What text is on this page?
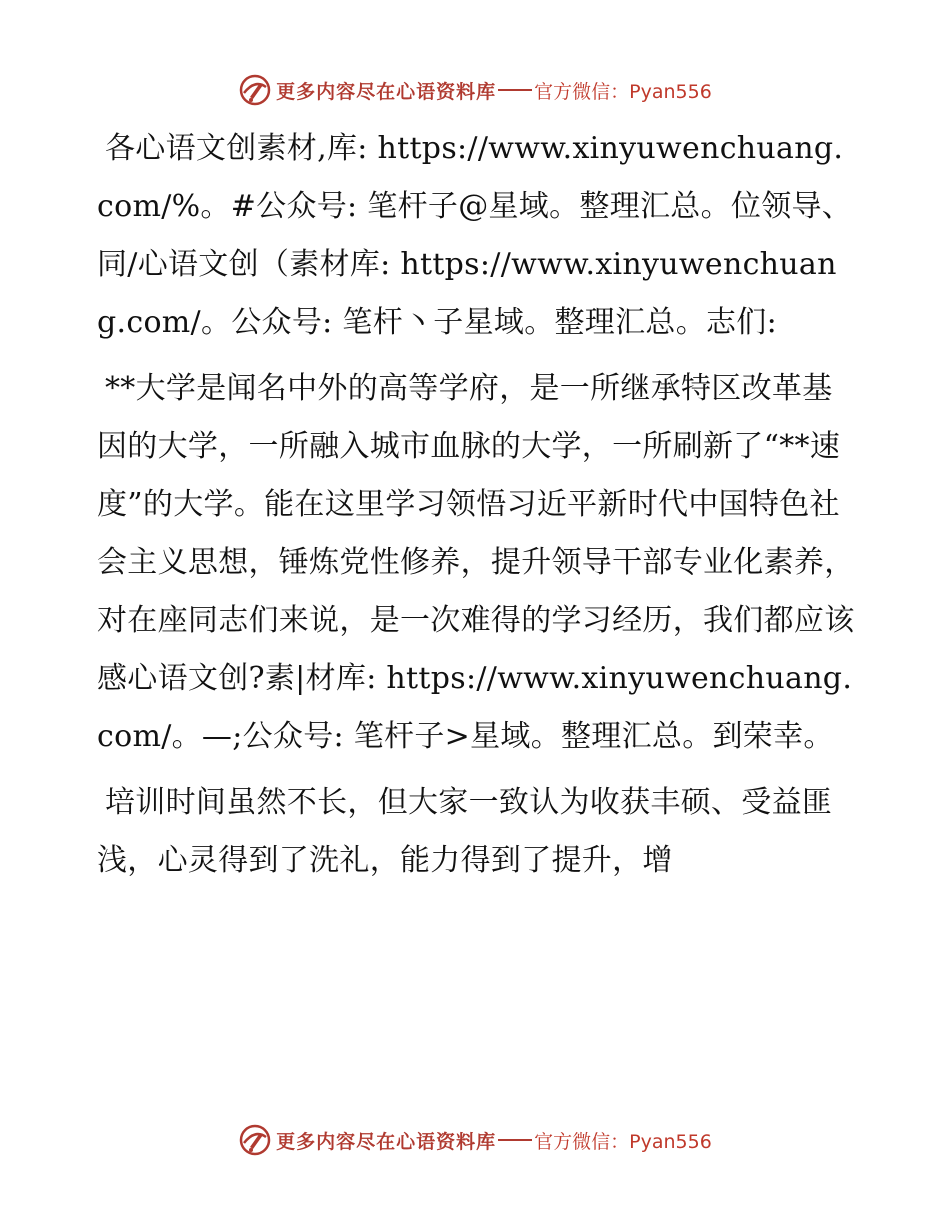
更多内容尽在心语资料库 官方微信：Pyan556

各心语文创素材,库: https://www.xinyuwenchuang.com/%。#公众号: 笔杆子@星域。整理汇总。位领导、同/心语文创（素材库: https://www.xinyuwenchuang.com/。公众号: 笔杆丶子星域。整理汇总。志们:

**大学是闻名中外的高等学府，是一所继承特区改革基因的大学，一所融入城市血脉的大学，一所刷新了“**速度”的大学。能在这里学习领悟习近平新时代中国特色社会主义思想，锤炼党性修养，提升领导干部专业化素养，对在座同志们来说，是一次难得的学习经历，我们都应该感心语文创?素|材库: https://www.xinyuwenchuang.com/。—;公众号: 笔杆子>星域。整理汇总。到荣幸。

培训时间虽然不长，但大家一致认为收获丰硕、受益匪浅，心灵得到了洗礼，能力得到了提升，增

更多内容尽在心语资料库 官方微信：Pyan556
